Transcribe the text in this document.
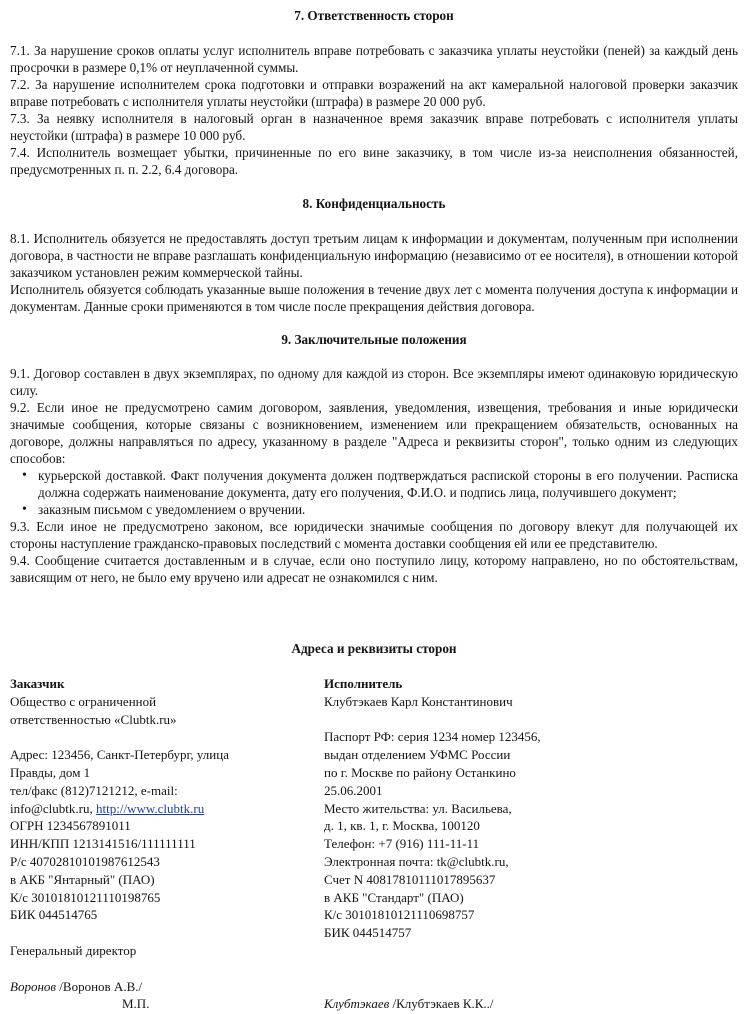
7. Ответственность сторон

7.1. За нарушение сроков оплаты услуг исполнитель вправе потребовать с заказчика уплаты неустойки (пеней) за каждый день просрочки в размере 0,1% от неуплаченной суммы.

7.2. За нарушение исполнителем срока подготовки и отправки возражений на акт камеральной налоговой проверки заказчик вправе потребовать с исполнителя уплаты неустойки (штрафа) в размере 20 000 руб.

7.3. За неявку исполнителя в налоговый орган в назначенное время заказчик вправе потребовать с исполнителя уплаты неустойки (штрафа) в размере 10 000 руб.

7.4. Исполнитель возмещает убытки, причиненные по его вине заказчику, в том числе из-за неисполнения обязанностей, предусмотренных п. п. 2.2, 6.4 договора.

8. Конфиденциальность

8.1. Исполнитель обязуется не предоставлять доступ третьим лицам к информации и документам, полученным при исполнении договора, в частности не вправе разглашать конфиденциальную информацию (независимо от ее носителя), в отношении которой заказчиком установлен режим коммерческой тайны.

Исполнитель обязуется соблюдать указанные выше положения в течение двух лет с момента получения доступа к информации и документам. Данные сроки применяются в том числе после прекращения действия договора.

9. Заключительные положения

9.1. Договор составлен в двух экземплярах, по одному для каждой из сторон. Все экземпляры имеют одинаковую юридическую силу.

9.2. Если иное не предусмотрено самим договором, заявления, уведомления, извещения, требования и иные юридически значимые сообщения, которые связаны с возникновением, изменением или прекращением обязательств, основанных на договоре, должны направляться по адресу, указанному в разделе "Адреса и реквизиты сторон", только одним из следующих способов:

• курьерской доставкой. Факт получения документа должен подтверждаться распиской стороны в его получении. Расписка должна содержать наименование документа, дату его получения, Ф.И.О. и подпись лица, получившего документ;
• заказным письмом с уведомлением о вручении.

9.3. Если иное не предусмотрено законом, все юридически значимые сообщения по договору влекут для получающей их стороны наступление гражданско-правовых последствий с момента доставки сообщения ей или ее представителю.

9.4. Сообщение считается доставленным и в случае, если оно поступило лицу, которому направлено, но по обстоятельствам, зависящим от него, не было ему вручено или адресат не ознакомился с ним.

Адреса и реквизиты сторон
Заказчик
Общество с ограниченной
ответственностью «Clubtk.ru»
Адрес: 123456, Санкт-Петербург, улица
Правды, дом 1
тел/факс (812)7121212, e-mail:
info@clubtk.ru, http://www.clubtk.ru
ОГРН 1234567891011
ИНН/КПП 1213141516/111111111
Р/с 40702810101987612543
в АКБ "Янтарный" (ПАО)
К/с 30101810121110198765
БИК 044514765
Генеральный директор
Воронов /Воронов А.В./
М.П.
Исполнитель
Клубтэкаев Карл Константинович
Паспорт РФ: серия 1234 номер 123456,
выдан отделением УФМС России
по г. Москве по району Останкино
25.06.2001
Место жительства: ул. Васильева,
д. 1, кв. 1, г. Москва, 100120
Телефон: +7 (916) 111-11-11
Электронная почта: tk@clubtk.ru,
Счет N 40817810111017895637
в АКБ "Стандарт" (ПАО)
К/с 30101810121110698757
БИК 044514757
Клубтэкаев /Клубтэкаев К.К../
